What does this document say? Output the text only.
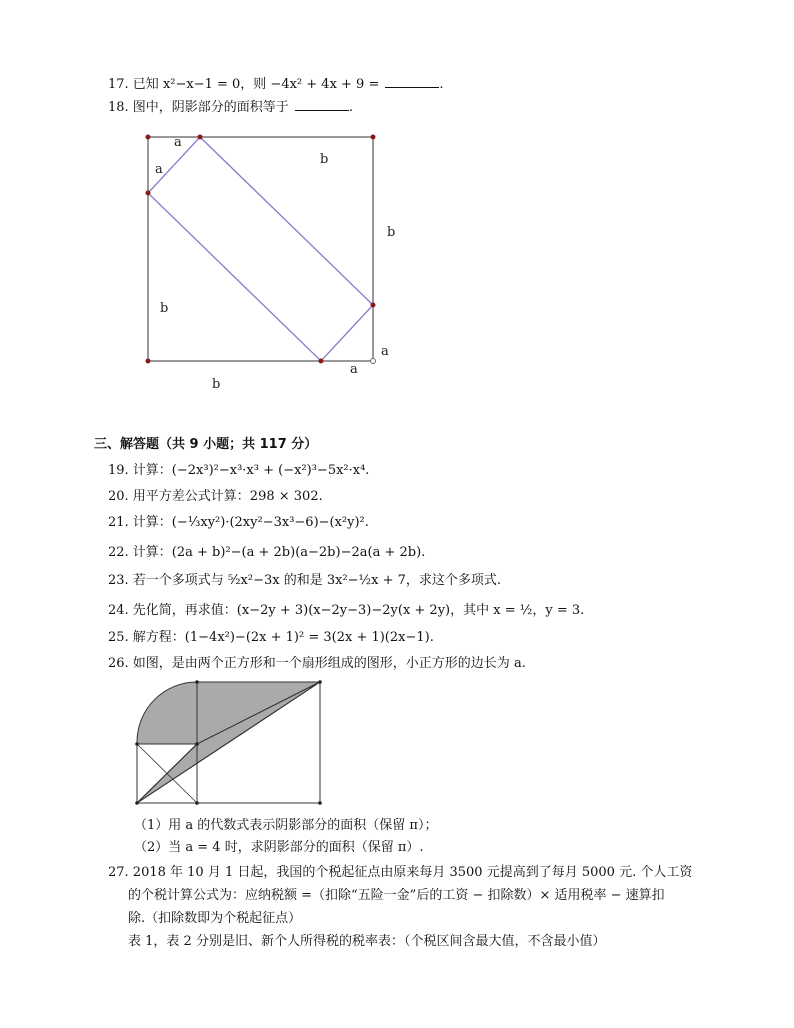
17. 已知 x²−x−1 = 0，则 −4x² + 4x + 9 =	.
18. 图中，阴影部分的面积等于	.
a
a
b
b
b
a
a
b
三、解答题（共 9 小题；共 117 分）
19. 计算：(−2x³)²−x³·x³ + (−x²)³−5x²·x⁴.
20. 用平方差公式计算：298 × 302.
21. 计算：(−⅓xy²)·(2xy²−3x³−6)−(x²y)².
22. 计算：(2a + b)²−(a + 2b)(a−2b)−2a(a + 2b).
23. 若一个多项式与 ⁵⁄₂x²−3x 的和是 3x²−½x + 7，求这个多项式.
24. 先化简，再求值：(x−2y + 3)(x−2y−3)−2y(x + 2y)，其中 x = ½，y = 3.
25. 解方程：(1−4x²)−(2x + 1)² = 3(2x + 1)(2x−1).
26. 如图，是由两个正方形和一个扇形组成的图形，小正方形的边长为 a.
（1）用 a 的代数式表示阴影部分的面积（保留 π）；
（2）当 a = 4 时，求阴影部分的面积（保留 π）.
27. 2018 年 10 月 1 日起，我国的个税起征点由原来每月 3500 元提高到了每月 5000 元. 个人工资
的个税计算公式为：应纳税额 =（扣除“五险一金”后的工资 − 扣除数）× 适用税率 − 速算扣
除.（扣除数即为个税起征点）
表 1，表 2 分别是旧、新个人所得税的税率表：（个税区间含最大值，不含最小值）
